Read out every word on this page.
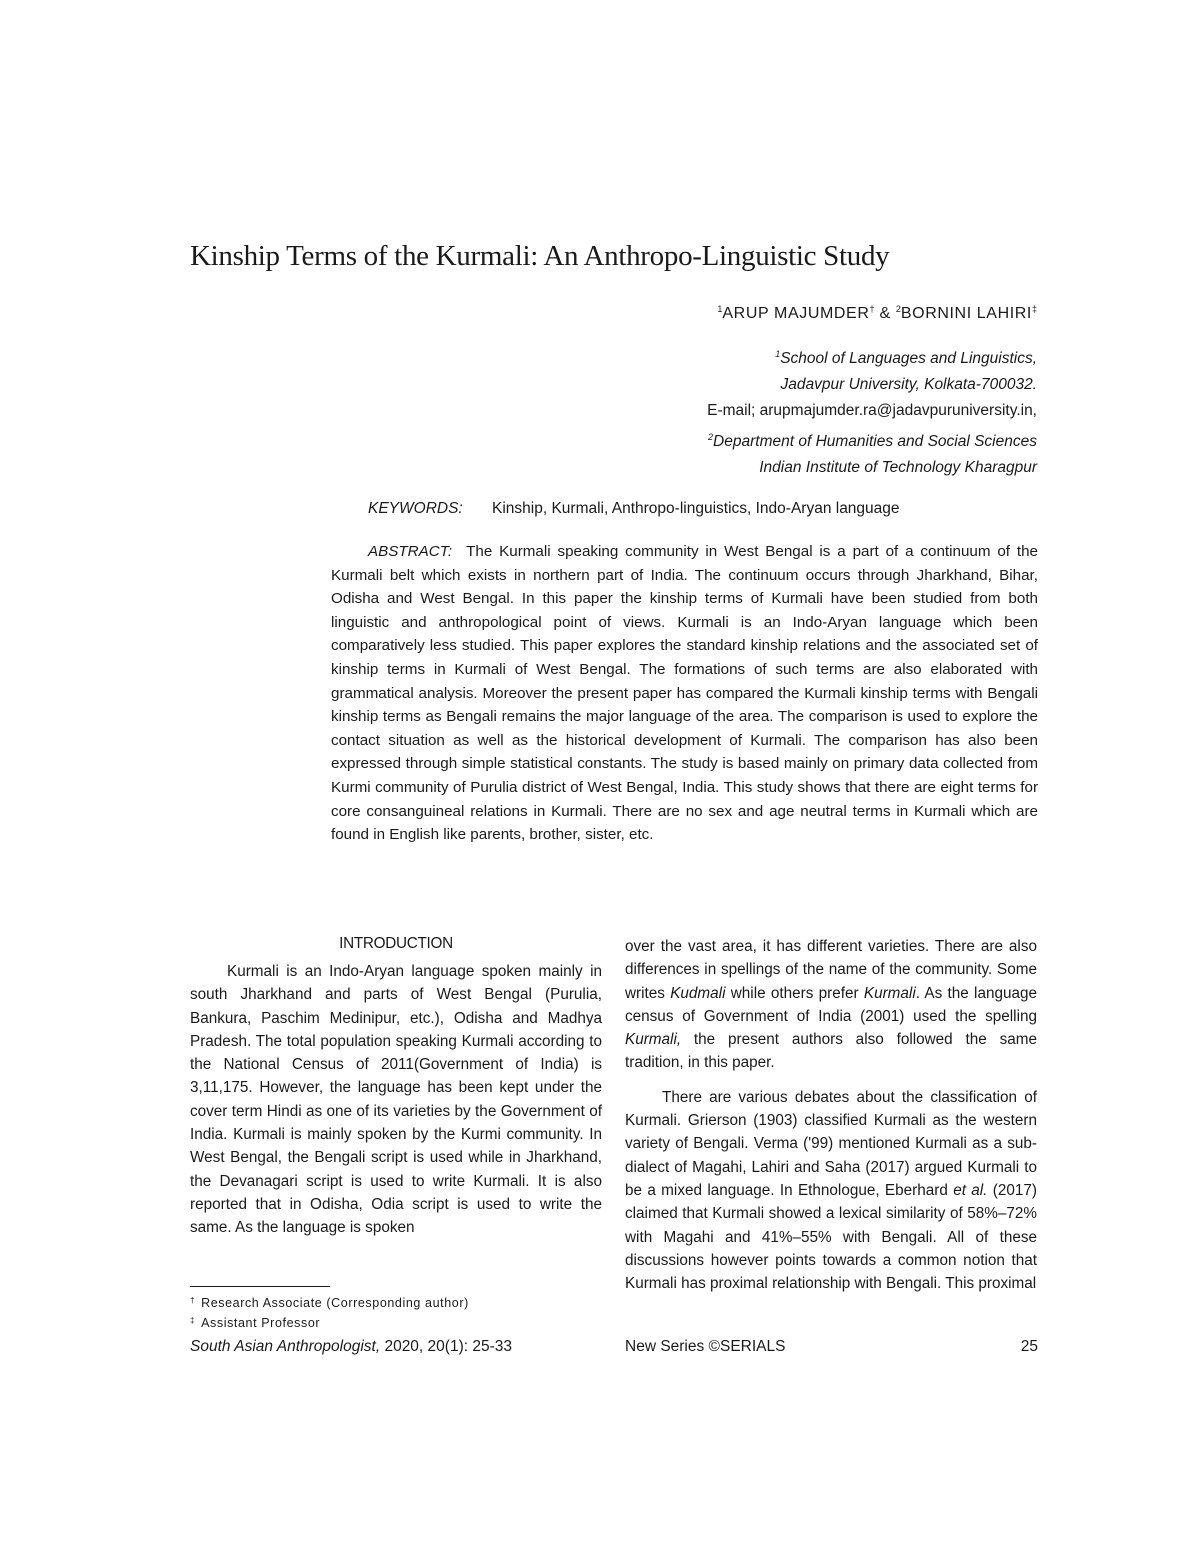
Kinship Terms of the Kurmali: An Anthropo-Linguistic Study
$^1$ARUP MAJUMDER† & $^2$BORNINI LAHIRI‡
$^1$School of Languages and Linguistics,
Jadavpur University, Kolkata-700032.
E-mail; arupmajumder.ra@jadavpuruniversity.in,
$^2$Department of Humanities and Social Sciences
Indian Institute of Technology Kharagpur
KEYWORDS: Kinship, Kurmali, Anthropo-linguistics, Indo-Aryan language
ABSTRACT: The Kurmali speaking community in West Bengal is a part of a continuum of the Kurmali belt which exists in northern part of India. The continuum occurs through Jharkhand, Bihar, Odisha and West Bengal. In this paper the kinship terms of Kurmali have been studied from both linguistic and anthropological point of views. Kurmali is an Indo-Aryan language which been comparatively less studied. This paper explores the standard kinship relations and the associated set of kinship terms in Kurmali of West Bengal. The formations of such terms are also elaborated with grammatical analysis. Moreover the present paper has compared the Kurmali kinship terms with Bengali kinship terms as Bengali remains the major language of the area. The comparison is used to explore the contact situation as well as the historical development of Kurmali. The comparison has also been expressed through simple statistical constants. The study is based mainly on primary data collected from Kurmi community of Purulia district of West Bengal, India. This study shows that there are eight terms for core consanguineal relations in Kurmali. There are no sex and age neutral terms in Kurmali which are found in English like parents, brother, sister, etc.
INTRODUCTION

Kurmali is an Indo-Aryan language spoken mainly in south Jharkhand and parts of West Bengal (Purulia, Bankura, Paschim Medinipur, etc.), Odisha and Madhya Pradesh. The total population speaking Kurmali according to the National Census of 2011(Government of India) is 3,11,175. However, the language has been kept under the cover term Hindi as one of its varieties by the Government of India. Kurmali is mainly spoken by the Kurmi community. In West Bengal, the Bengali script is used while in Jharkhand, the Devanagari script is used to write Kurmali. It is also reported that in Odisha, Odia script is used to write the same. As the language is spoken

over the vast area, it has different varieties. There are also differences in spellings of the name of the community. Some writes Kudmali while others prefer Kurmali. As the language census of Government of India (2001) used the spelling Kurmali, the present authors also followed the same tradition, in this paper.

There are various debates about the classification of Kurmali. Grierson (1903) classified Kurmali as the western variety of Bengali. Verma ('99) mentioned Kurmali as a sub-dialect of Magahi, Lahiri and Saha (2017) argued Kurmali to be a mixed language. In Ethnologue, Eberhard et al. (2017) claimed that Kurmali showed a lexical similarity of 58%–72% with Magahi and 41%–55% with Bengali. All of these discussions however points towards a common notion that Kurmali has proximal relationship with Bengali. This proximal

† Research Associate (Corresponding author)
‡ Assistant Professor
South Asian Anthropologist, 2020, 20(1): 25-33	New Series ©SERIALS	25
